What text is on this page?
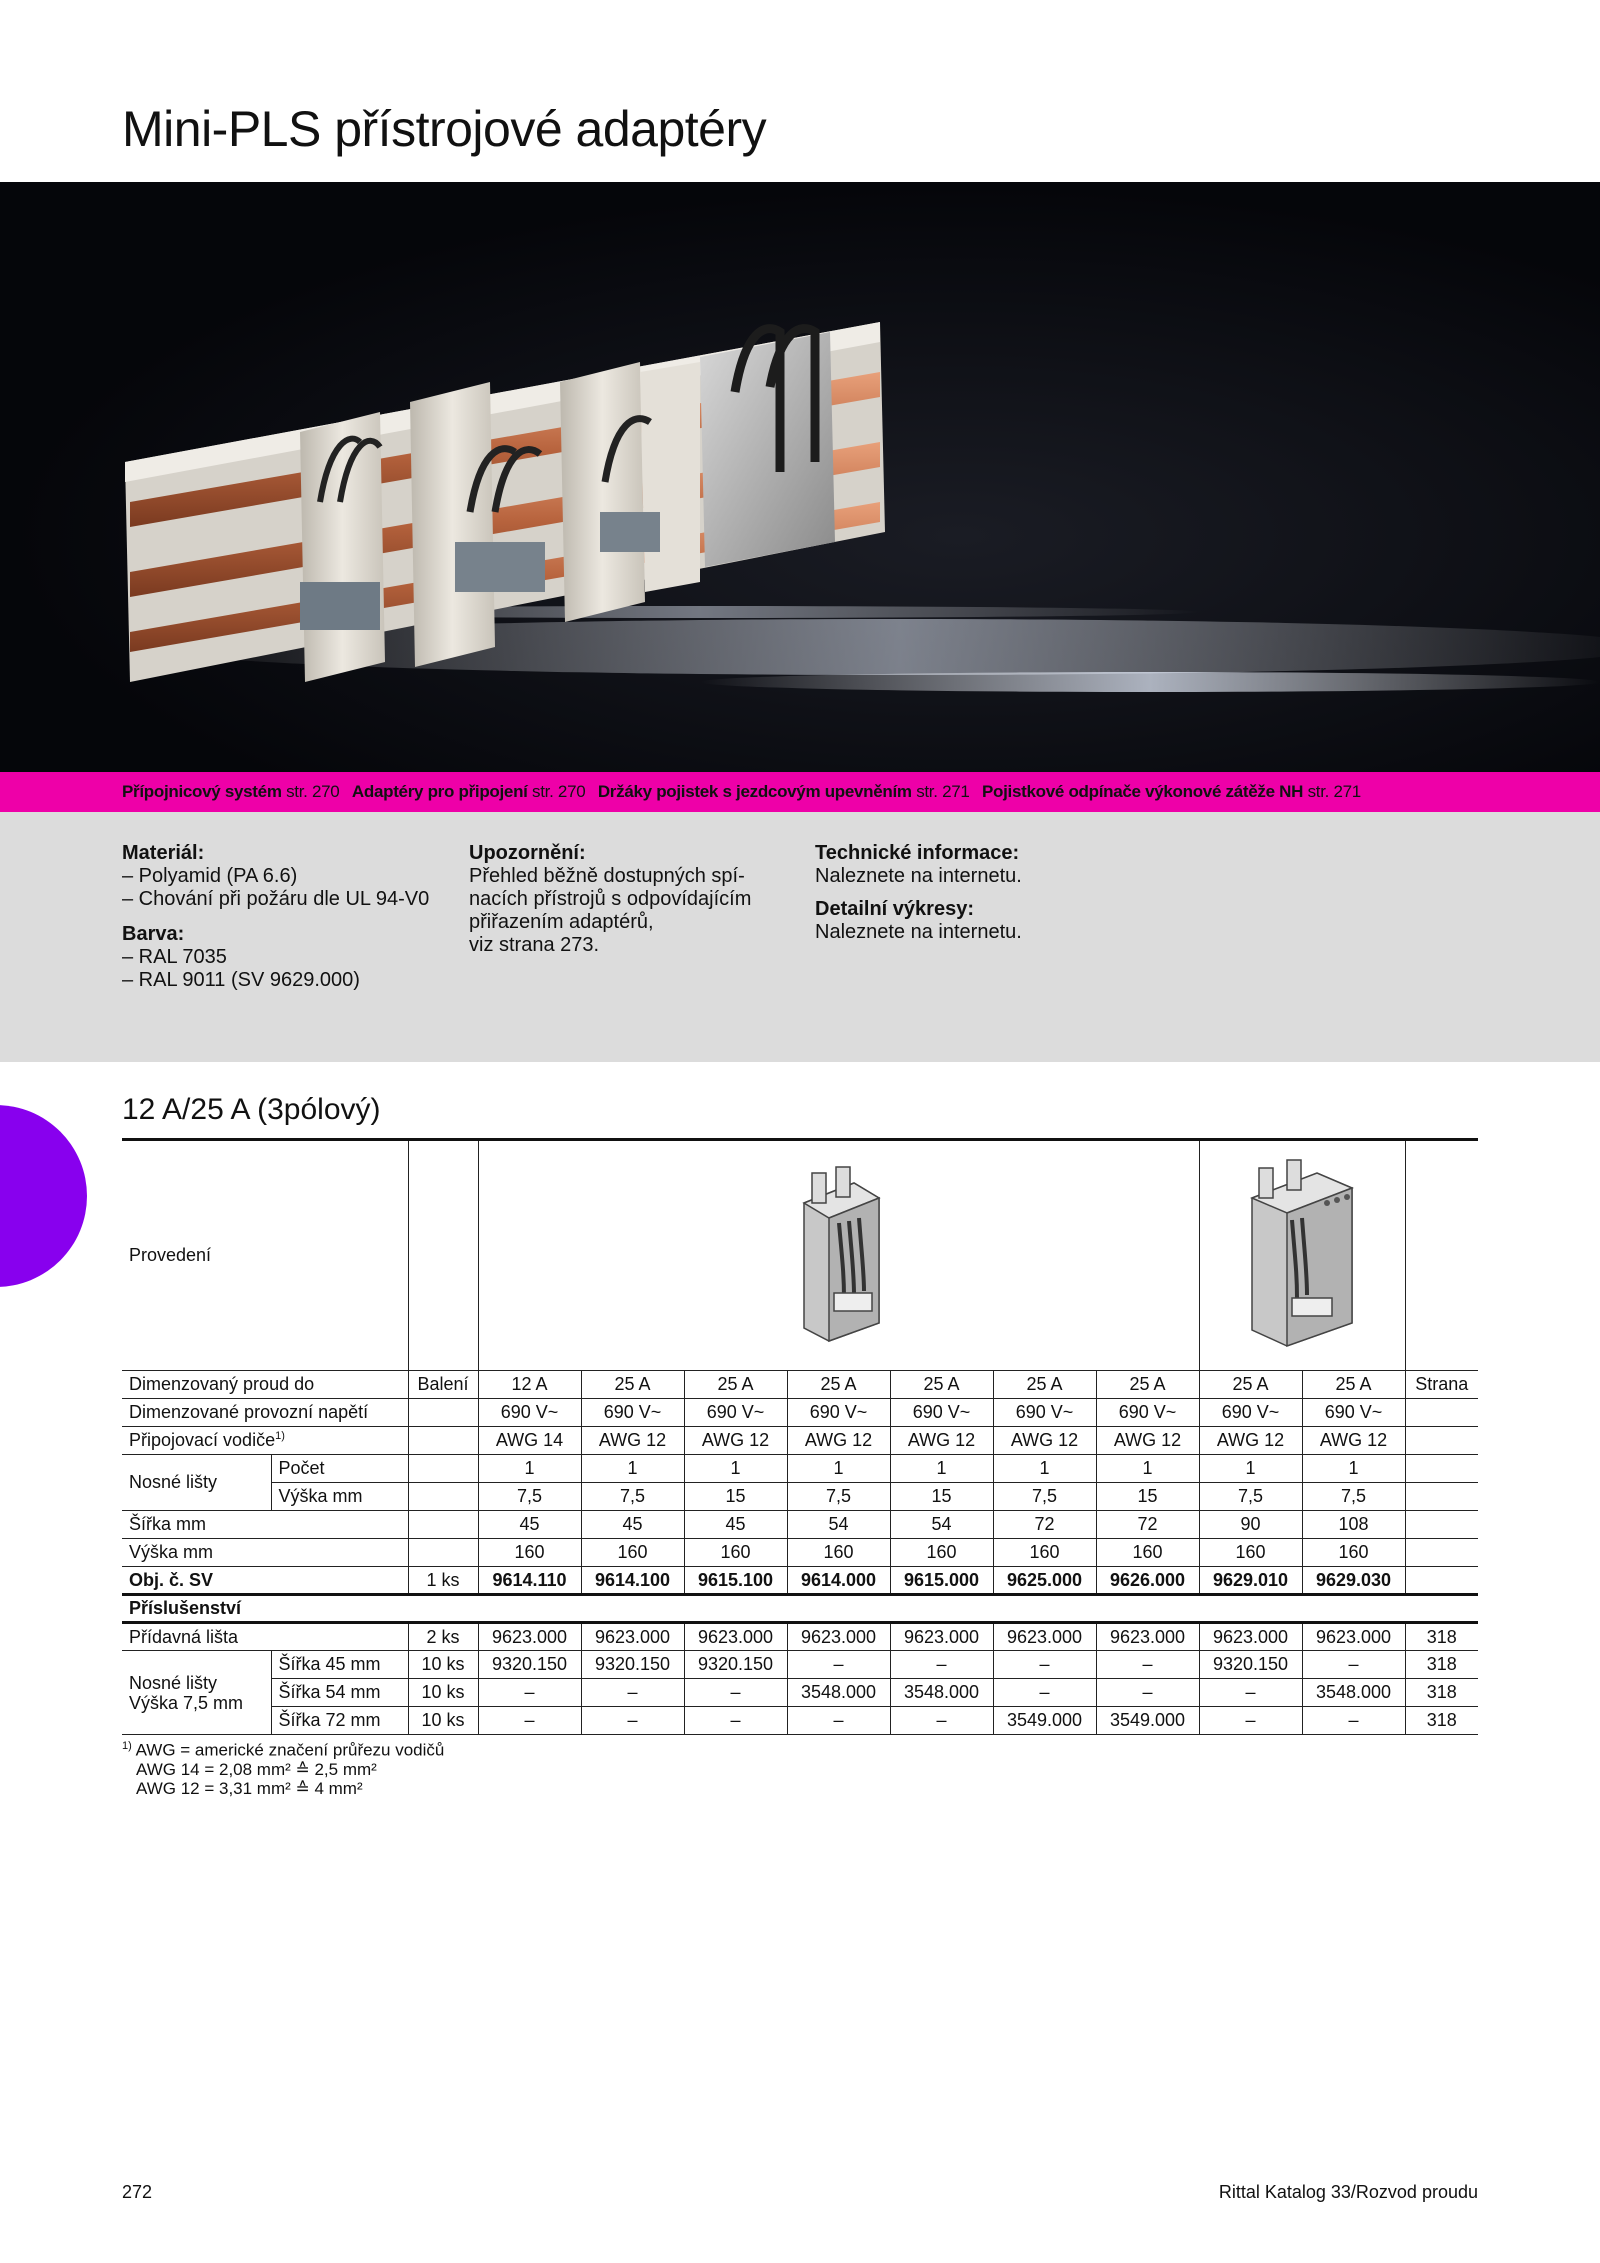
Mini-PLS přístrojové adaptéry
Přípojnicový systém str. 270 Adaptéry pro připojení str. 270 Držáky pojistek s jezdcovým upevněním str. 271 Pojistkové odpínače výkonové zátěže NH str. 271
Materiál:
– Polyamid (PA 6.6)
– Chování při požáru dle UL 94-V0
Barva:
– RAL 7035
– RAL 9011 (SV 9629.000)
Upozornění:
Přehled běžně dostupných spí-
nacích přístrojů s odpovídajícím
přiřazením adaptérů,
viz strana 273.
Technické informace:
Naleznete na internetu.
Detailní výkresy:
Naleznete na internetu.
12 A/25 A (3pólový)
Provedení				
Dimenzovaný proud do		Balení	12 A	25 A	25 A	25 A	25 A	25 A	25 A	25 A	25 A	Strana
Dimenzované provozní napětí			690 V~	690 V~	690 V~	690 V~	690 V~	690 V~	690 V~	690 V~	690 V~	
Připojovací vodiče$^{1)}$			AWG 14	AWG 12	AWG 12	AWG 12	AWG 12	AWG 12	AWG 12	AWG 12	AWG 12	
Nosné lišty	Počet		1	1	1	1	1	1	1	1	1	
	Výška mm		7,5	7,5	15	7,5	15	7,5	15	7,5	7,5	
Šířka mm			45	45	45	54	54	72	72	90	108	
Výška mm			160	160	160	160	160	160	160	160	160	
Obj. č. SV		1 ks	9614.110	9614.100	9615.100	9614.000	9615.000	9625.000	9626.000	9629.010	9629.030	
Příslušenství												
Přídavná lišta		2 ks	9623.000	9623.000	9623.000	9623.000	9623.000	9623.000	9623.000	9623.000	9623.000	318

Nosné lišty
Výška 7,5 mm	Šířka 45 mm	10 ks	9320.150	9320.150	9320.150	–	–	–	–	9320.150	–	318
	Šířka 54 mm	10 ks	–	–	–	3548.000	3548.000	–	–	–	3548.000	318
	Šířka 72 mm	10 ks	–	–	–	–	–	3549.000	3549.000	–	–	318
$^{1)}$ AWG = americké značení průřezu vodičů
AWG 14 = 2,08 mm² ≙ 2,5 mm²
AWG 12 = 3,31 mm² ≙ 4 mm²
272	Rittal Katalog 33/Rozvod proudu
